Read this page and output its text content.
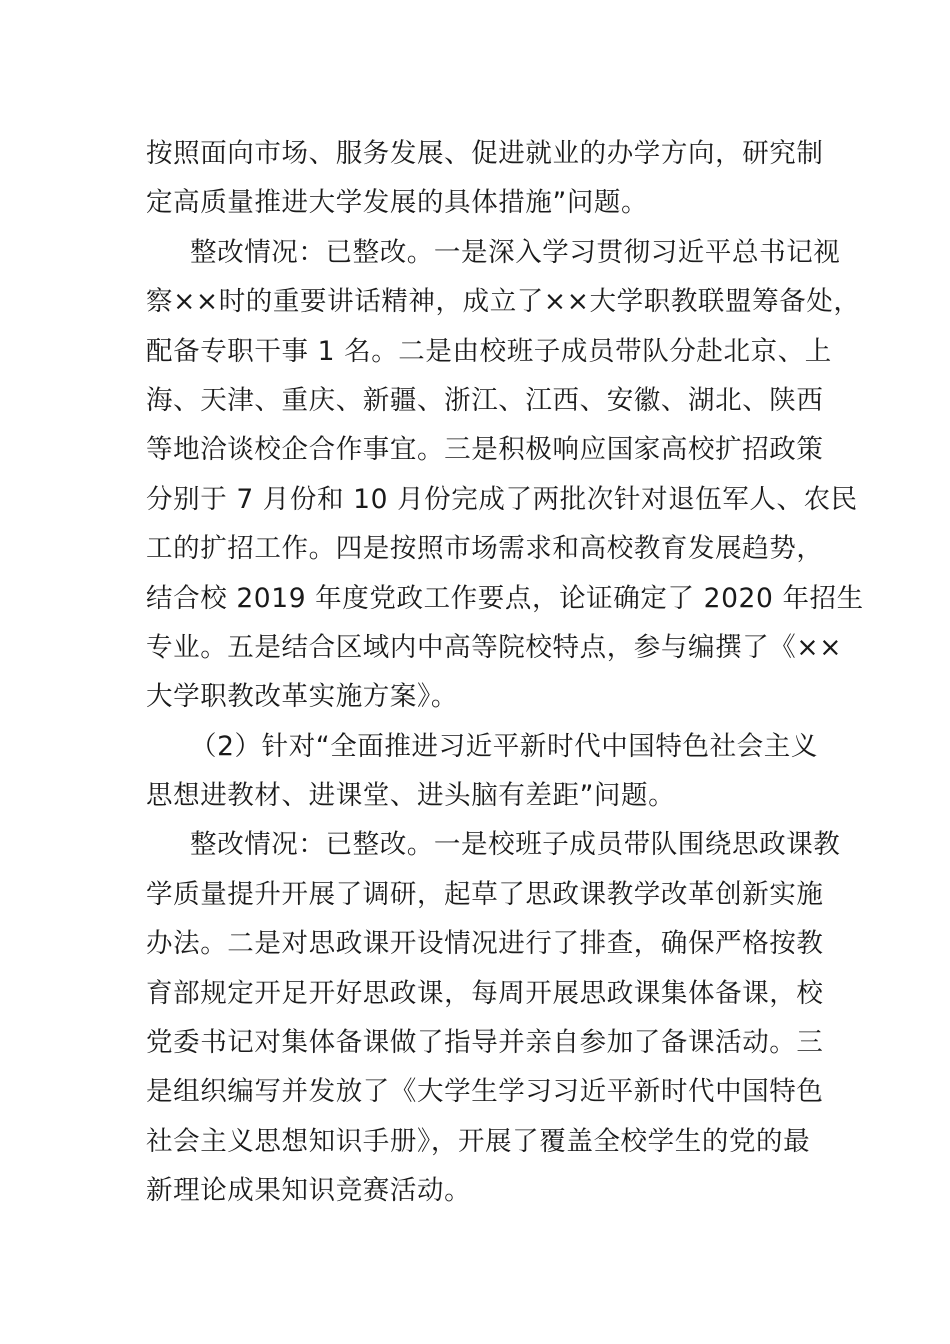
按照面向市场、服务发展、促进就业的办学方向，研究制
定高质量推进大学发展的具体措施”问题。
整改情况：已整改。一是深入学习贯彻习近平总书记视
察××时的重要讲话精神，成立了××大学职教联盟筹备处，
配备专职干事 1 名。二是由校班子成员带队分赴北京、上
海、天津、重庆、新疆、浙江、江西、安徽、湖北、陕西
等地洽谈校企合作事宜。三是积极响应国家高校扩招政策
分别于 7 月份和 10 月份完成了两批次针对退伍军人、农民
工的扩招工作。四是按照市场需求和高校教育发展趋势，
结合校 2019 年度党政工作要点，论证确定了 2020 年招生
专业。五是结合区域内中高等院校特点，参与编撰了《××
大学职教改革实施方案》。
（2）针对“全面推进习近平新时代中国特色社会主义
思想进教材、进课堂、进头脑有差距”问题。
整改情况：已整改。一是校班子成员带队围绕思政课教
学质量提升开展了调研，起草了思政课教学改革创新实施
办法。二是对思政课开设情况进行了排查，确保严格按教
育部规定开足开好思政课，每周开展思政课集体备课，校
党委书记对集体备课做了指导并亲自参加了备课活动。三
是组织编写并发放了《大学生学习习近平新时代中国特色
社会主义思想知识手册》，开展了覆盖全校学生的党的最
新理论成果知识竞赛活动。
